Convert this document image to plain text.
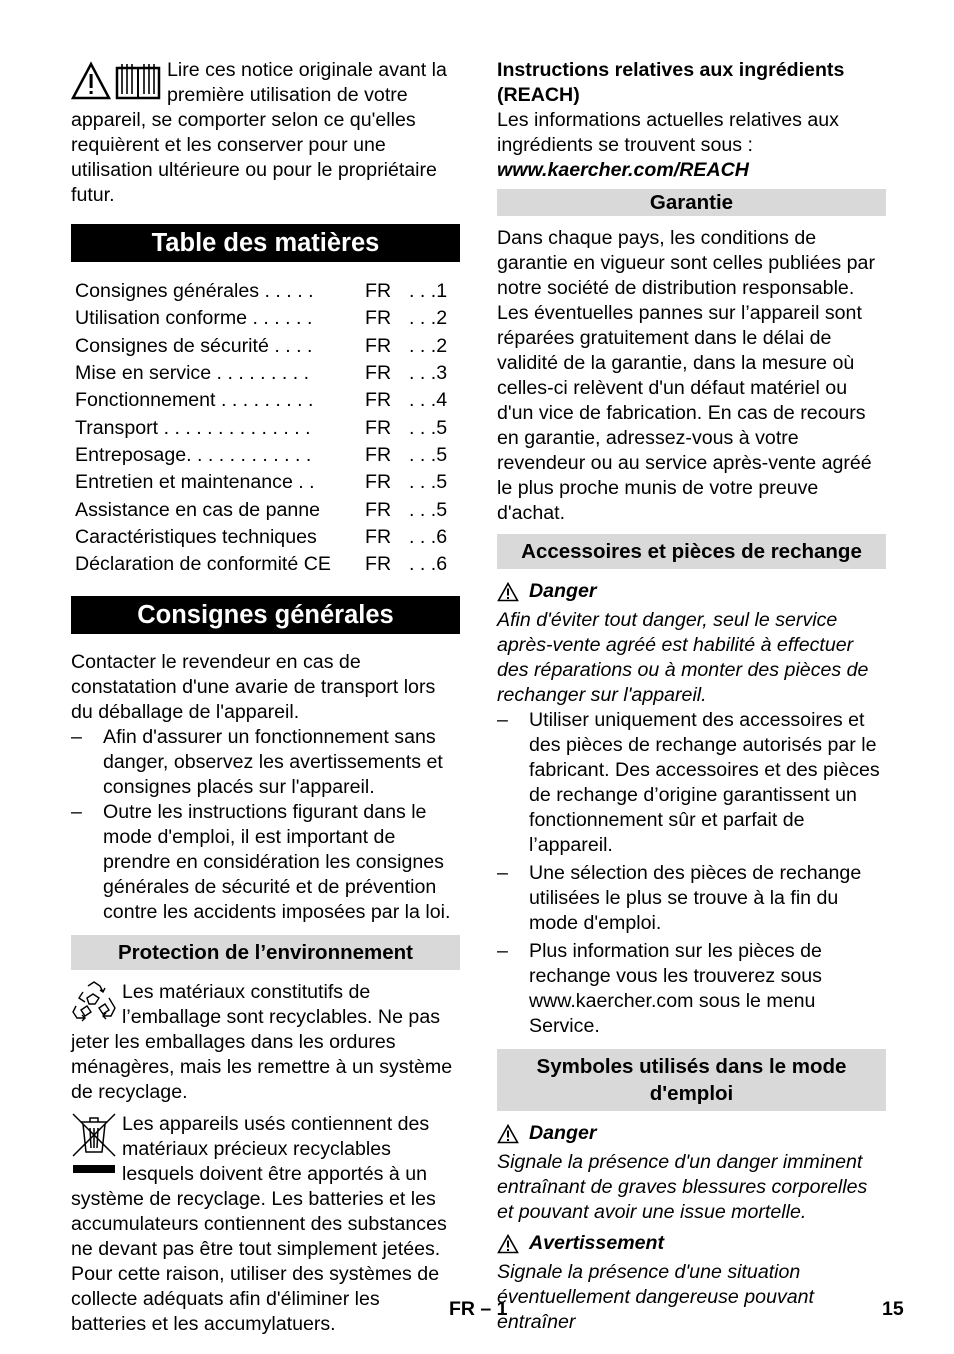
Lire ces notice originale avant la première utilisation de votre appareil, se comporter selon ce qu'elles requièrent et les conserver pour une utilisation ultérieure ou pour le propriétaire futur.

Table des matières
Consignes générales . . . . .	FR	. . .1
Utilisation conforme . . . . . .	FR	. . .2
Consignes de sécurité . . . .	FR	. . .2
Mise en service . . . . . . . . .	FR	. . .3
Fonctionnement . . . . . . . . .	FR	. . .4
Transport . . . . . . . . . . . . . .	FR	. . .5
Entreposage. . . . . . . . . . . .	FR	. . .5
Entretien et maintenance . .	FR	. . .5
Assistance en cas de panne	FR	. . .5
Caractéristiques techniques	FR	. . .6
Déclaration de conformité CE	FR	. . .6
Consignes générales

Contacter le revendeur en cas de constatation d'une avarie de transport lors du déballage de l'appareil.

–	Afin d'assurer un fonctionnement sans danger, observez les avertissements et consignes placés sur l'appareil.
–	Outre les instructions figurant dans le mode d'emploi, il est important de prendre en considération les consignes générales de sécurité et de prévention contre les accidents imposées par la loi.
Protection de l’environnement

Les matériaux constitutifs de l’emballage sont recyclables. Ne pas jeter les emballages dans les ordures ménagères, mais les remettre à un système de recyclage.

Les appareils usés contiennent des matériaux précieux recyclables lesquels doivent être apportés à un système de recyclage. Les batteries et les accumulateurs contiennent des substances ne devant pas être tout simplement jetées. Pour cette raison, utiliser des systèmes de collecte adéquats afin d'éliminer les batteries et les accumylatuers.

Instructions relatives aux ingrédients (REACH)

Les informations actuelles relatives aux ingrédients se trouvent sous :

www.kaercher.com/REACH

Garantie

Dans chaque pays, les conditions de garantie en vigueur sont celles publiées par notre société de distribution responsable. Les éventuelles pannes sur l’appareil sont réparées gratuitement dans le délai de validité de la garantie, dans la mesure où celles-ci relèvent d'un défaut matériel ou d'un vice de fabrication. En cas de recours en garantie, adressez-vous à votre revendeur ou au service après-vente agréé le plus proche munis de votre preuve d'achat.

Accessoires et pièces de rechange
Danger

Afin d'éviter tout danger, seul le service après-vente agréé est habilité à effectuer des réparations ou à monter des pièces de rechanger sur l'appareil.

–	Utiliser uniquement des accessoires et des pièces de rechange autorisés par le fabricant. Des accessoires et des pièces de rechange d’origine garantissent un fonctionnement sûr et parfait de l’appareil.
–	Une sélection des pièces de rechange utilisées le plus se trouve à la fin du mode d'emploi.
–	Plus information sur les pièces de rechange vous les trouverez sous www.kaercher.com sous le menu Service.
Symboles utilisés dans le mode d'emploi
Danger

Signale la présence d'un danger imminent entraînant de graves blessures corporelles et pouvant avoir une issue mortelle.

Avertissement

Signale la présence d'une situation éventuellement dangereuse pouvant entraîner

FR – 1	15
